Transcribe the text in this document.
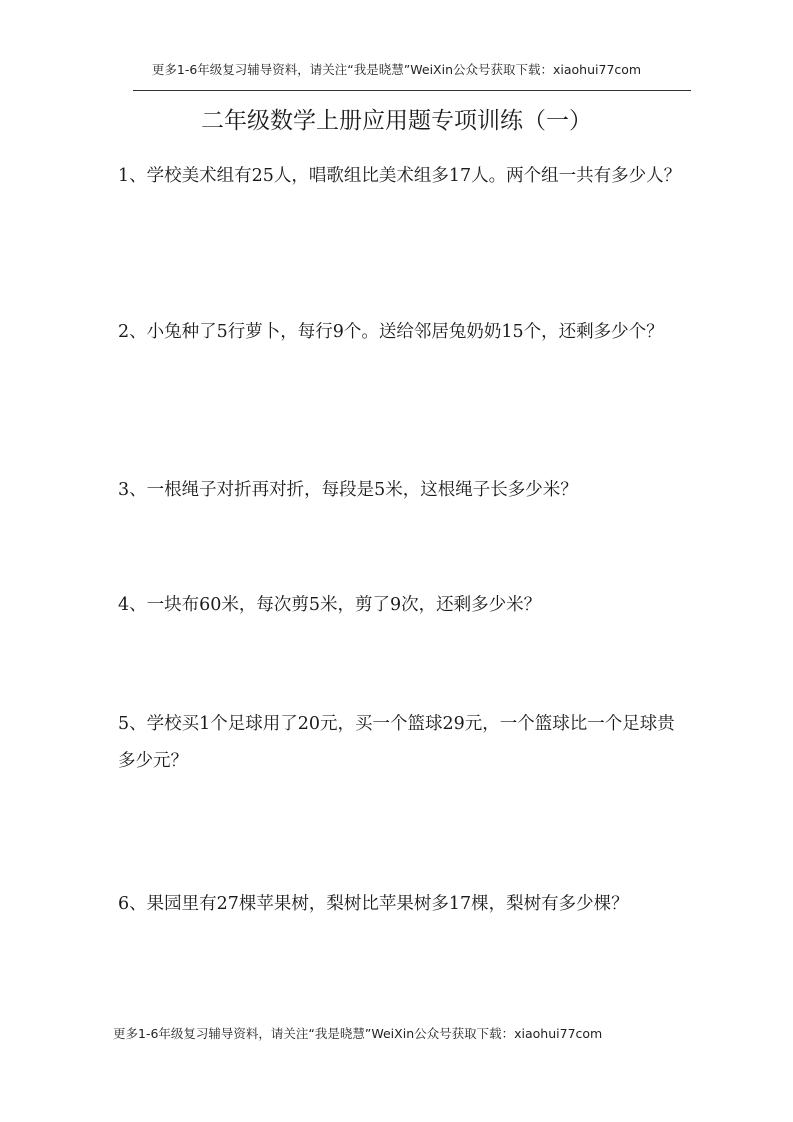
更多1-6年级复习辅导资料，请关注“我是晓慧”WeiXin公众号获取下载：xiaohui77com
二年级数学上册应用题专项训练（一）
1、学校美术组有25人，唱歌组比美术组多17人。两个组一共有多少人？
2、小兔种了5行萝卜，每行9个。送给邻居兔奶奶15个，还剩多少个？
3、一根绳子对折再对折，每段是5米，这根绳子长多少米？
4、一块布60米，每次剪5米，剪了9次，还剩多少米？
5、学校买1个足球用了20元，买一个篮球29元，一个篮球比一个足球贵多少元？
6、果园里有27棵苹果树，梨树比苹果树多17棵，梨树有多少棵？
更多1-6年级复习辅导资料，请关注“我是晓慧”WeiXin公众号获取下载：xiaohui77com
